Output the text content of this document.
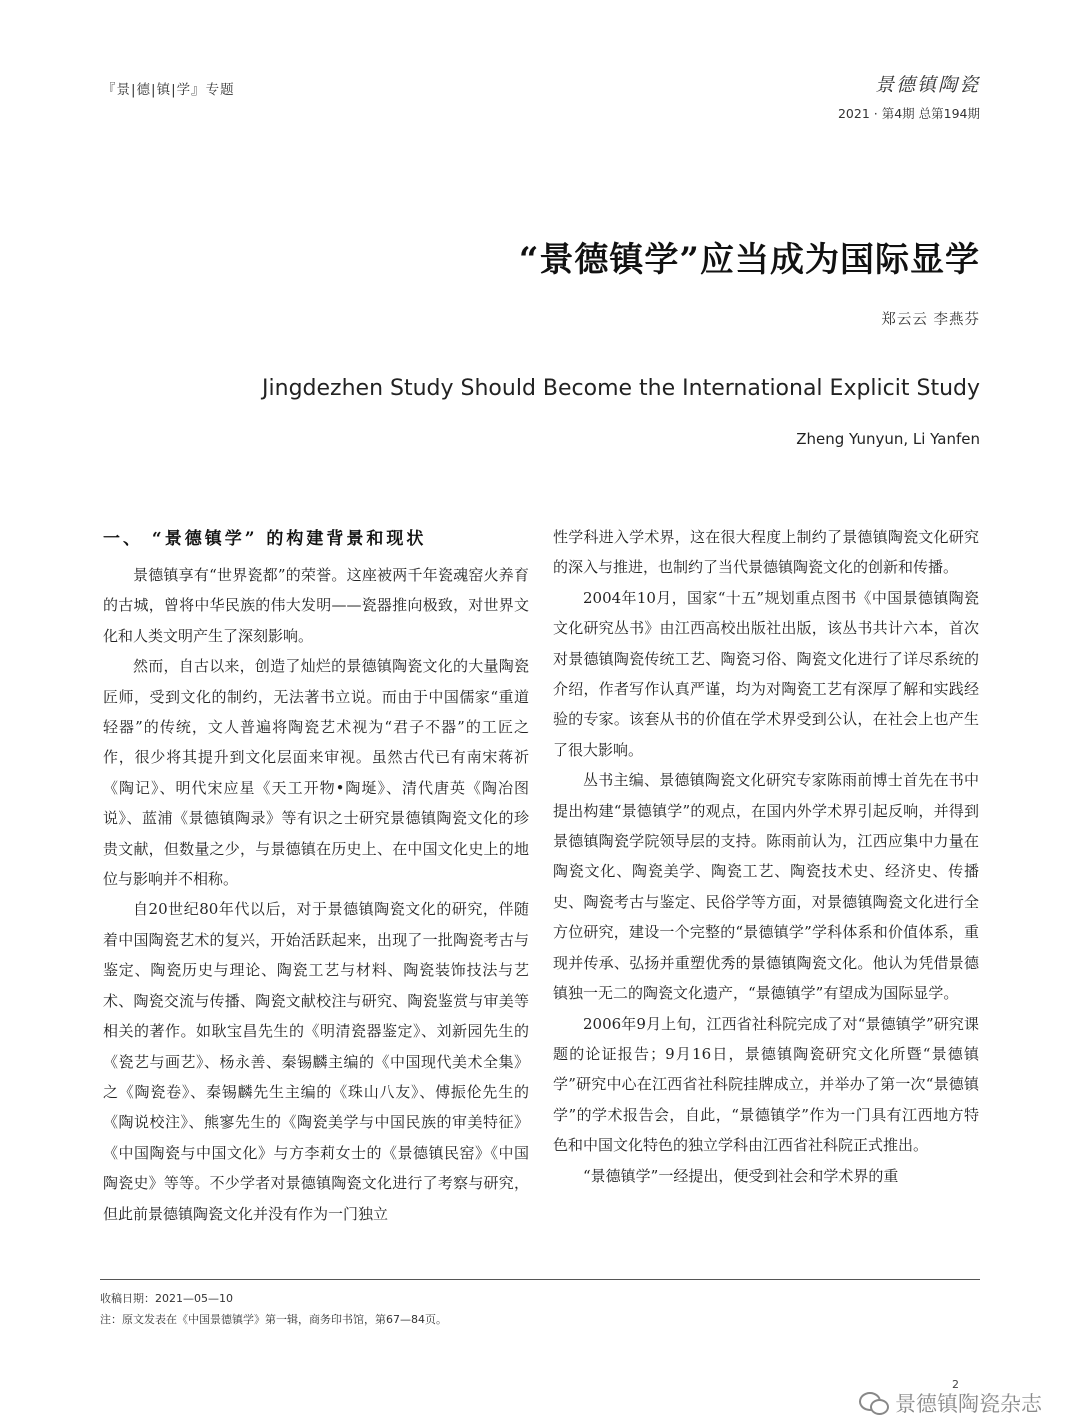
『景|德|镇|学』专题	景德镇陶瓷
2021 · 第4期 总第194期
“景德镇学”应当成为国际显学
郑云云 李燕芬
Jingdezhen Study Should Become the International Explicit Study
Zheng Yunyun, Li Yanfen
一、 “景德镇学” 的构建背景和现状

景德镇享有“世界瓷都”的荣誉。这座被两千年瓷魂窑火养育的古城，曾将中华民族的伟大发明——瓷器推向极致，对世界文化和人类文明产生了深刻影响。

然而，自古以来，创造了灿烂的景德镇陶瓷文化的大量陶瓷匠师，受到文化的制约，无法著书立说。而由于中国儒家“重道轻器”的传统，文人普遍将陶瓷艺术视为“君子不器”的工匠之作，很少将其提升到文化层面来审视。虽然古代已有南宋蒋祈《陶记》、明代宋应星《天工开物•陶埏》、清代唐英《陶冶图说》、蓝浦《景德镇陶录》等有识之士研究景德镇陶瓷文化的珍贵文献，但数量之少，与景德镇在历史上、在中国文化史上的地位与影响并不相称。

自20世纪80年代以后，对于景德镇陶瓷文化的研究，伴随着中国陶瓷艺术的复兴，开始活跃起来，出现了一批陶瓷考古与鉴定、陶瓷历史与理论、陶瓷工艺与材料、陶瓷装饰技法与艺术、陶瓷交流与传播、陶瓷文献校注与研究、陶瓷鉴赏与审美等相关的著作。如耿宝昌先生的《明清瓷器鉴定》、刘新园先生的《瓷艺与画艺》、杨永善、秦锡麟主编的《中国现代美术全集》之《陶瓷卷》、秦锡麟先生主编的《珠山八友》、傅振伦先生的《陶说校注》、熊寥先生的《陶瓷美学与中国民族的审美特征》《中国陶瓷与中国文化》与方李莉女士的《景德镇民窑》《中国陶瓷史》等等。不少学者对景德镇陶瓷文化进行了考察与研究，但此前景德镇陶瓷文化并没有作为一门独立

性学科进入学术界，这在很大程度上制约了景德镇陶瓷文化研究的深入与推进，也制约了当代景德镇陶瓷文化的创新和传播。

2004年10月，国家“十五”规划重点图书《中国景德镇陶瓷文化研究丛书》由江西高校出版社出版，该丛书共计六本，首次对景德镇陶瓷传统工艺、陶瓷习俗、陶瓷文化进行了详尽系统的介绍，作者写作认真严谨，均为对陶瓷工艺有深厚了解和实践经验的专家。该套从书的价值在学术界受到公认，在社会上也产生了很大影响。

丛书主编、景德镇陶瓷文化研究专家陈雨前博士首先在书中提出构建“景德镇学”的观点，在国内外学术界引起反响，并得到景德镇陶瓷学院领导层的支持。陈雨前认为，江西应集中力量在陶瓷文化、陶瓷美学、陶瓷工艺、陶瓷技术史、经济史、传播史、陶瓷考古与鉴定、民俗学等方面，对景德镇陶瓷文化进行全方位研究，建设一个完整的“景德镇学”学科体系和价值体系，重现并传承、弘扬并重塑优秀的景德镇陶瓷文化。他认为凭借景德镇独一无二的陶瓷文化遗产，“景德镇学”有望成为国际显学。

2006年9月上旬，江西省社科院完成了对“景德镇学”研究课题的论证报告；9月16日，景德镇陶瓷研究文化所暨“景德镇学”研究中心在江西省社科院挂牌成立，并举办了第一次“景德镇学”的学术报告会，自此，“景德镇学”作为一门具有江西地方特色和中国文化特色的独立学科由江西省社科院正式推出。

“景德镇学”一经提出，便受到社会和学术界的重

收稿日期：2021—05—10
注：原文发表在《中国景德镇学》第一辑，商务印书馆，第67—84页。
2
景德镇陶瓷杂志
